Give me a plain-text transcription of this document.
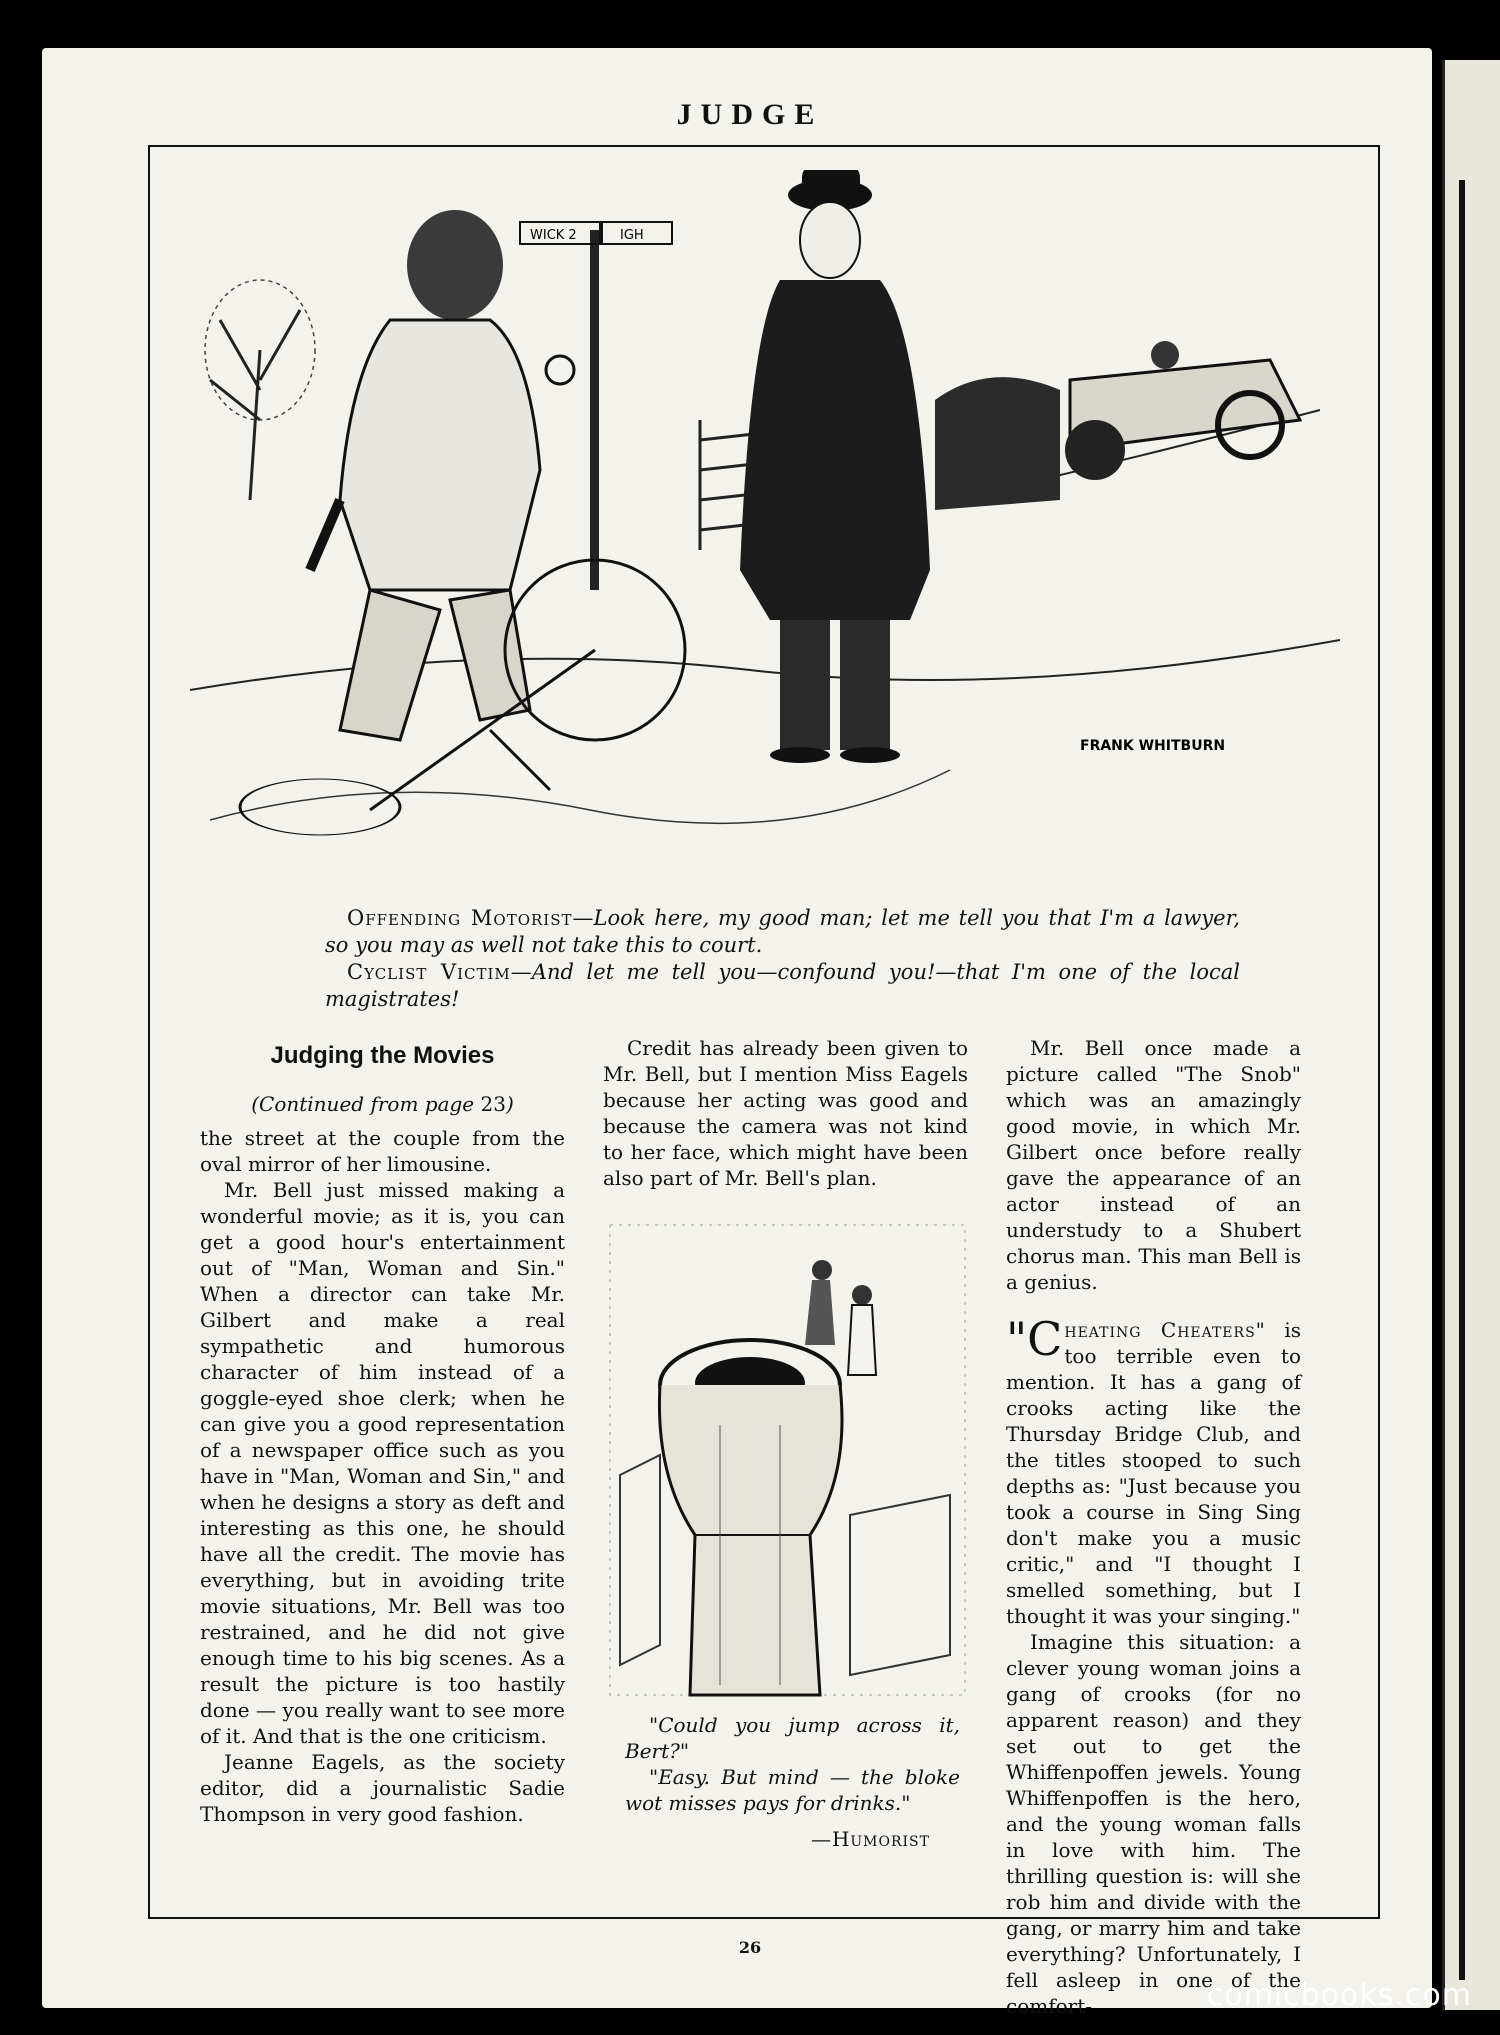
JUDGE
WICK 2	IGH
FRANK WHITBURN

Offending Motorist—Look here, my good man; let me tell you that I'm a lawyer, so you may as well not take this to court.

Cyclist Victim—And let me tell you—confound you!—that I'm one of the local magistrates!

Judging the Movies
(Continued from page 23)

the street at the couple from the oval mirror of her limousine.

Mr. Bell just missed making a wonderful movie; as it is, you can get a good hour's entertainment out of "Man, Woman and Sin." When a director can take Mr. Gilbert and make a real sympathetic and humorous character of him instead of a goggle-eyed shoe clerk; when he can give you a good representation of a newspaper office such as you have in "Man, Woman and Sin," and when he designs a story as deft and interesting as this one, he should have all the credit. The movie has everything, but in avoiding trite movie situations, Mr. Bell was too restrained, and he did not give enough time to his big scenes. As a result the picture is too hastily done — you really want to see more of it. And that is the one criticism.

Jeanne Eagels, as the society editor, did a journalistic Sadie Thompson in very good fashion.

Credit has already been given to Mr. Bell, but I mention Miss Eagels because her acting was good and because the camera was not kind to her face, which might have been also part of Mr. Bell's plan.

"Could you jump across it, Bert?"

"Easy. But mind — the bloke wot misses pays for drinks."

—Humorist

Mr. Bell once made a picture called "The Snob" which was an amazingly good movie, in which Mr. Gilbert once before really gave the appearance of an actor instead of an understudy to a Shubert chorus man. This man Bell is a genius.

"Cheating Cheaters" is too terrible even to mention. It has a gang of crooks acting like the Thursday Bridge Club, and the titles stooped to such depths as: "Just because you took a course in Sing Sing don't make you a music critic," and "I thought I smelled something, but I thought it was your singing."

Imagine this situation: a clever young woman joins a gang of crooks (for no apparent reason) and they set out to get the Whiffenpoffen jewels. Young Whiffenpoffen is the hero, and the young woman falls in love with him. The thrilling question is: will she rob him and divide with the gang, or marry him and take everything? Unfortunately, I fell asleep in one of the comfort-

26
comicbooks.com
